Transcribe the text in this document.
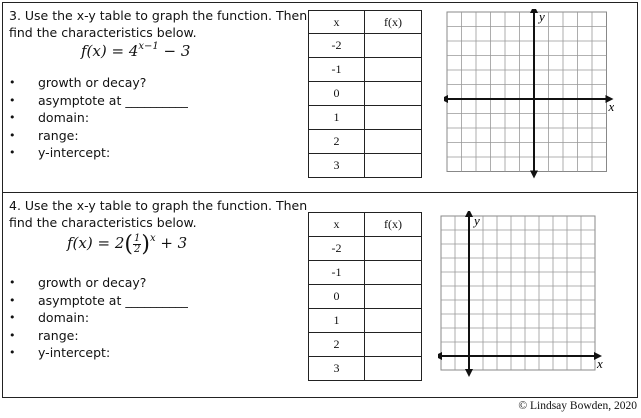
3. Use the x-y table to graph the function. Then
find the characteristics below.
$f(x) = 4^{x-1} - 3$
• growth or decay?
• asymptote at __________
• domain:
• range:
• y-intercept:
x	f(x)
-2	
-1	
0	
1	
2	
3	
x
y
4. Use the x-y table to graph the function. Then
find the characteristics below.
$f(x) = 2( \frac{1}{2} )^x + 3$
• growth or decay?
• asymptote at __________
• domain:
• range:
• y-intercept:
x	f(x)
-2	
-1	
0	
1	
2	
3		x
y
© Lindsay Bowden, 2020
